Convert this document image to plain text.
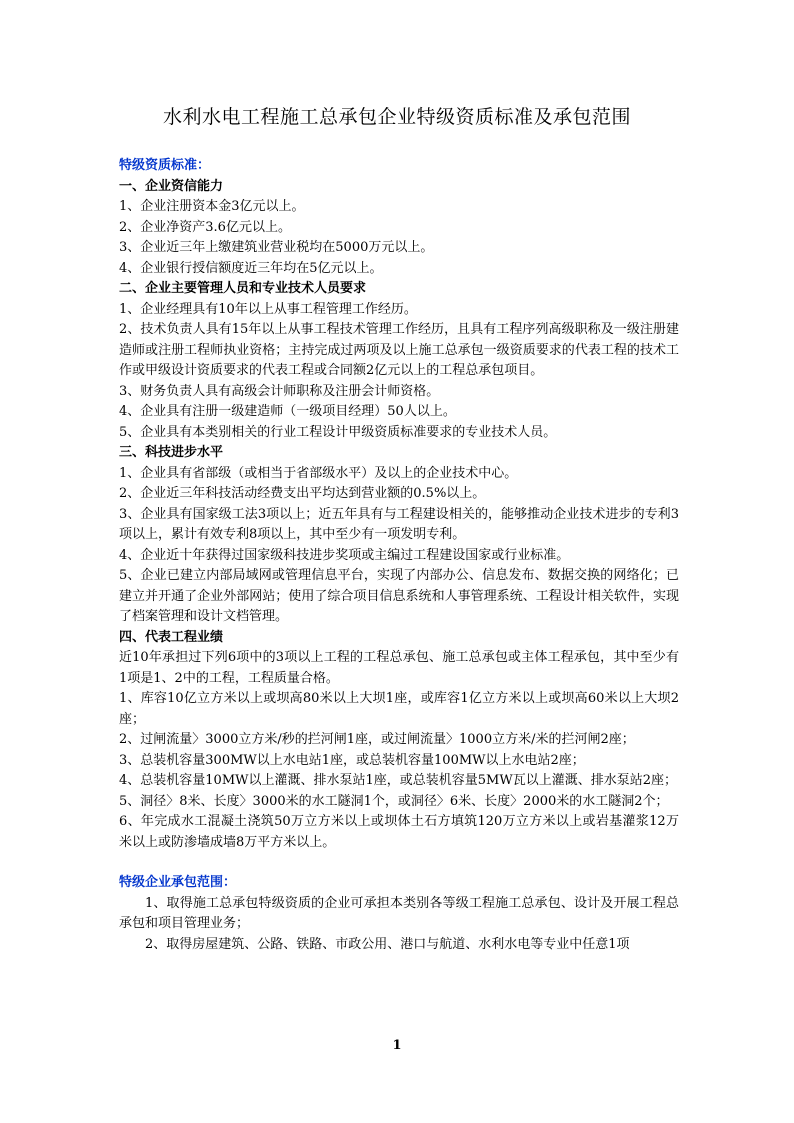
水利水电工程施工总承包企业特级资质标准及承包范围

特级资质标准：

一、企业资信能力

1、企业注册资本金3亿元以上。

2、企业净资产3.6亿元以上。

3、企业近三年上缴建筑业营业税均在5000万元以上。

4、企业银行授信额度近三年均在5亿元以上。

二、企业主要管理人员和专业技术人员要求

1、企业经理具有10年以上从事工程管理工作经历。

2、技术负责人具有15年以上从事工程技术管理工作经历，且具有工程序列高级职称及一级注册建造师或注册工程师执业资格；主持完成过两项及以上施工总承包一级资质要求的代表工程的技术工作或甲级设计资质要求的代表工程或合同额2亿元以上的工程总承包项目。

3、财务负责人具有高级会计师职称及注册会计师资格。

4、企业具有注册一级建造师（一级项目经理）50人以上。

5、企业具有本类别相关的行业工程设计甲级资质标准要求的专业技术人员。

三、科技进步水平

1、企业具有省部级（或相当于省部级水平）及以上的企业技术中心。

2、企业近三年科技活动经费支出平均达到营业额的0.5%以上。

3、企业具有国家级工法3项以上；近五年具有与工程建设相关的，能够推动企业技术进步的专利3项以上，累计有效专利8项以上，其中至少有一项发明专利。

4、企业近十年获得过国家级科技进步奖项或主编过工程建设国家或行业标准。

5、企业已建立内部局域网或管理信息平台，实现了内部办公、信息发布、数据交换的网络化；已建立并开通了企业外部网站；使用了综合项目信息系统和人事管理系统、工程设计相关软件，实现了档案管理和设计文档管理。

四、代表工程业绩

近10年承担过下列6项中的3项以上工程的工程总承包、施工总承包或主体工程承包，其中至少有1项是1、2中的工程，工程质量合格。

1、库容10亿立方米以上或坝高80米以上大坝1座，或库容1亿立方米以上或坝高60米以上大坝2座；

2、过闸流量〉3000立方米/秒的拦河闸1座，或过闸流量〉1000立方米/米的拦河闸2座；

3、总装机容量300MW以上水电站1座，或总装机容量100MW以上水电站2座；

4、总装机容量10MW以上灌溉、排水泵站1座，或总装机容量5MW瓦以上灌溉、排水泵站2座；

5、洞径〉8米、长度〉3000米的水工隧洞1个，或洞径〉6米、长度〉2000米的水工隧洞2个；

6、年完成水工混凝土浇筑50万立方米以上或坝体土石方填筑120万立方米以上或岩基灌浆12万米以上或防渗墙成墙8万平方米以上。

特级企业承包范围：

1、取得施工总承包特级资质的企业可承担本类别各等级工程施工总承包、设计及开展工程总承包和项目管理业务；

2、取得房屋建筑、公路、铁路、市政公用、港口与航道、水利水电等专业中任意1项

1
